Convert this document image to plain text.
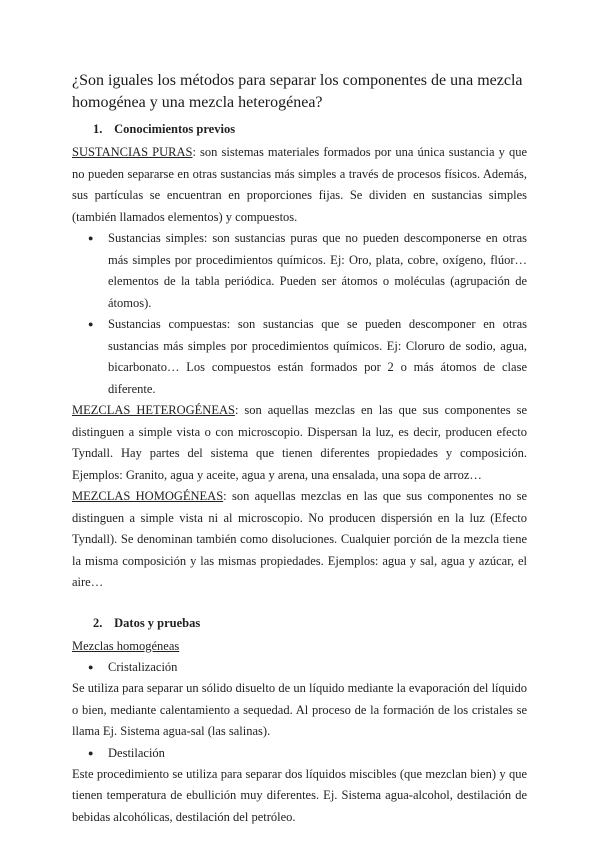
¿Son iguales los métodos para separar los componentes de una mezcla homogénea y una mezcla heterogénea?
1. Conocimientos previos

SUSTANCIAS PURAS: son sistemas materiales formados por una única sustancia y que no pueden separarse en otras sustancias más simples a través de procesos físicos. Además, sus partículas se encuentran en proporciones fijas. Se dividen en sustancias simples (también llamados elementos) y compuestos.

● Sustancias simples: son sustancias puras que no pueden descomponerse en otras más simples por procedimientos químicos. Ej: Oro, plata, cobre, oxígeno, flúor… elementos de la tabla periódica. Pueden ser átomos o moléculas (agrupación de átomos).
● Sustancias compuestas: son sustancias que se pueden descomponer en otras sustancias más simples por procedimientos químicos. Ej: Cloruro de sodio, agua, bicarbonato… Los compuestos están formados por 2 o más átomos de clase diferente.

MEZCLAS HETEROGÉNEAS: son aquellas mezclas en las que sus componentes se distinguen a simple vista o con microscopio. Dispersan la luz, es decir, producen efecto Tyndall. Hay partes del sistema que tienen diferentes propiedades y composición. Ejemplos: Granito, agua y aceite, agua y arena, una ensalada, una sopa de arroz…

MEZCLAS HOMOGÉNEAS: son aquellas mezclas en las que sus componentes no se distinguen a simple vista ni al microscopio. No producen dispersión en la luz (Efecto Tyndall). Se denominan también como disoluciones. Cualquier porción de la mezcla tiene la misma composición y las mismas propiedades. Ejemplos: agua y sal, agua y azúcar, el aire…

2. Datos y pruebas
Mezclas homogéneas
● Cristalización

Se utiliza para separar un sólido disuelto de un líquido mediante la evaporación del líquido o bien, mediante calentamiento a sequedad. Al proceso de la formación de los cristales se llama Ej. Sistema agua-sal (las salinas).

● Destilación

Este procedimiento se utiliza para separar dos líquidos miscibles (que mezclan bien) y que tienen temperatura de ebullición muy diferentes. Ej. Sistema agua-alcohol, destilación de bebidas alcohólicas, destilación del petróleo.
